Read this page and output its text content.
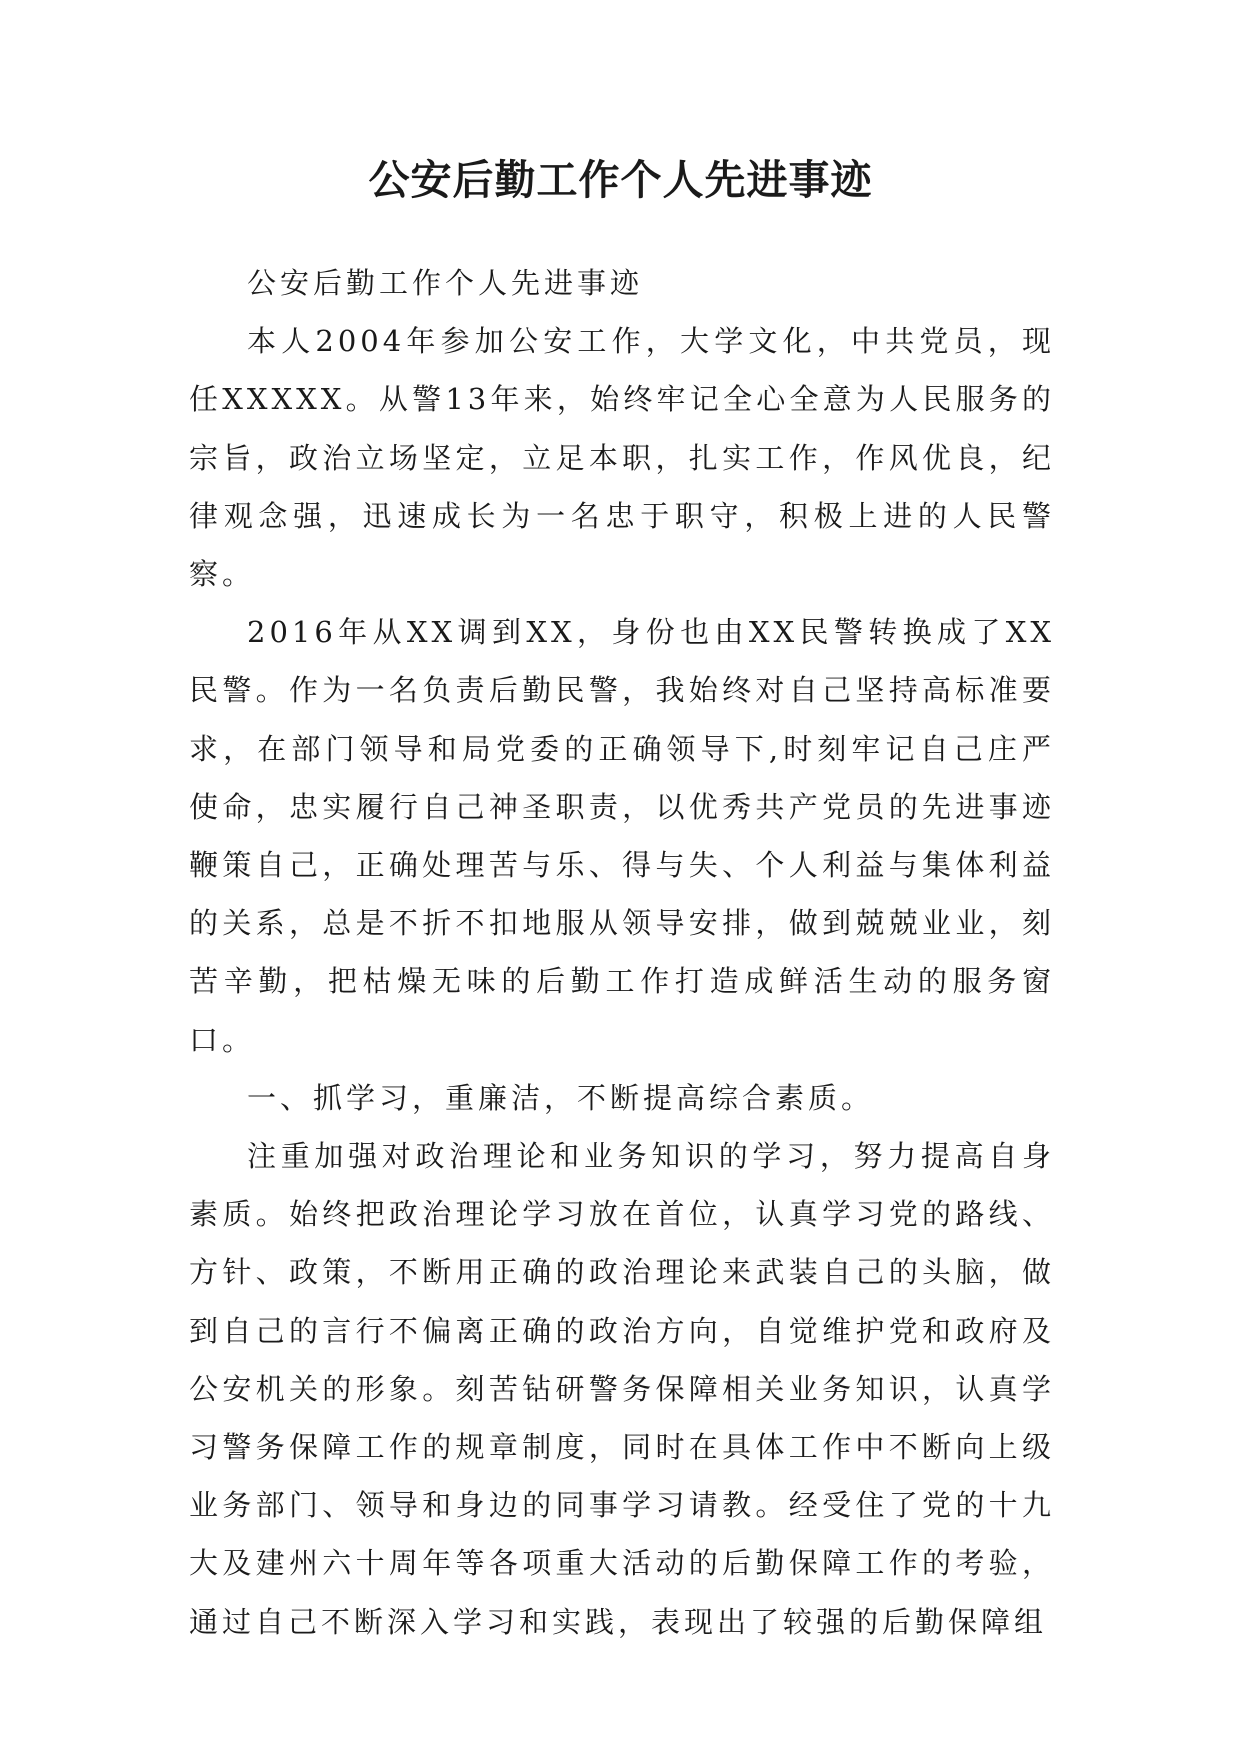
公安后勤工作个人先进事迹

公安后勤工作个人先进事迹

本人2004年参加公安工作，大学文化，中共党员，现任XXXXX。从警13年来，始终牢记全心全意为人民服务的宗旨，政治立场坚定，立足本职，扎实工作，作风优良，纪律观念强，迅速成长为一名忠于职守，积极上进的人民警察。

2016年从XX调到XX，身份也由XX民警转换成了XX民警。作为一名负责后勤民警，我始终对自己坚持高标准要求，在部门领导和局党委的正确领导下,时刻牢记自己庄严使命，忠实履行自己神圣职责，以优秀共产党员的先进事迹鞭策自己，正确处理苦与乐、得与失、个人利益与集体利益的关系，总是不折不扣地服从领导安排，做到兢兢业业，刻苦辛勤，把枯燥无味的后勤工作打造成鲜活生动的服务窗口。

一、抓学习，重廉洁，不断提高综合素质。

注重加强对政治理论和业务知识的学习，努力提高自身素质。始终把政治理论学习放在首位，认真学习党的路线、方针、政策，不断用正确的政治理论来武装自己的头脑，做到自己的言行不偏离正确的政治方向，自觉维护党和政府及公安机关的形象。刻苦钻研警务保障相关业务知识，认真学习警务保障工作的规章制度，同时在具体工作中不断向上级业务部门、领导和身边的同事学习请教。经受住了党的十九大及建州六十周年等各项重大活动的后勤保障工作的考验，通过自己不断深入学习和实践，表现出了较强的后勤保障组
